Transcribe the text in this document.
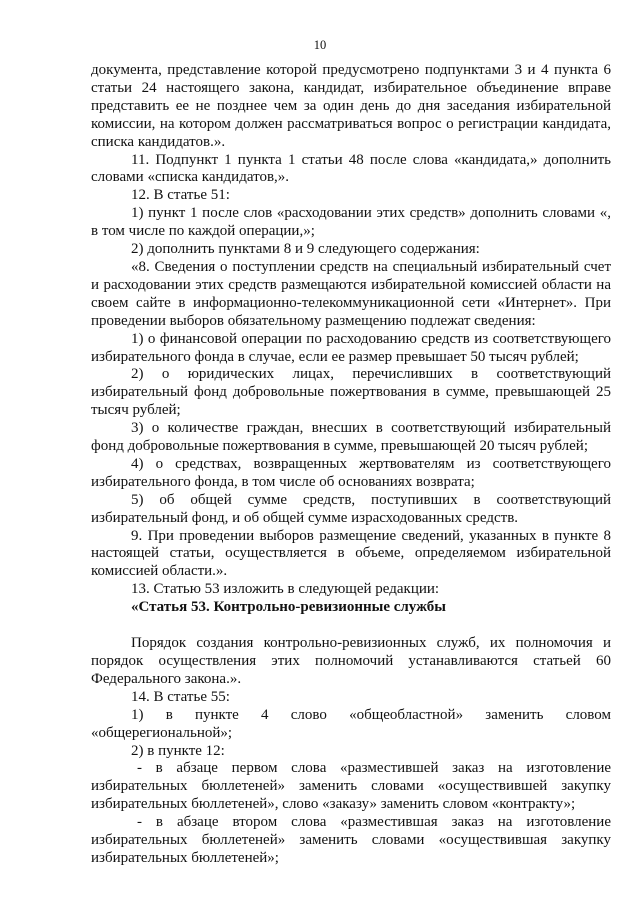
10

документа, представление которой предусмотрено подпунктами 3 и 4 пункта 6 статьи 24 настоящего закона, кандидат, избирательное объединение вправе представить ее не позднее чем за один день до дня заседания избирательной комиссии, на котором должен рассматриваться вопрос о регистрации кандидата, списка кандидатов.».

11. Подпункт 1 пункта 1 статьи 48 после слова «кандидата,» дополнить словами «списка кандидатов,».

12. В статье 51:

1) пункт 1 после слов «расходовании этих средств» дополнить словами «, в том числе по каждой операции,»;

2) дополнить пунктами 8 и 9 следующего содержания:

«8. Сведения о поступлении средств на специальный избирательный счет и расходовании этих средств размещаются избирательной комиссией области на своем сайте в информационно-телекоммуникационной сети «Интернет». При проведении выборов обязательному размещению подлежат сведения:

1) о финансовой операции по расходованию средств из соответствующего избирательного фонда в случае, если ее размер превышает 50 тысяч рублей;

2) о юридических лицах, перечисливших в соответствующий избирательный фонд добровольные пожертвования в сумме, превышающей 25 тысяч рублей;

3) о количестве граждан, внесших в соответствующий избирательный фонд добровольные пожертвования в сумме, превышающей 20 тысяч рублей;

4) о средствах, возвращенных жертвователям из соответствующего избирательного фонда, в том числе об основаниях возврата;

5) об общей сумме средств, поступивших в соответствующий избирательный фонд, и об общей сумме израсходованных средств.

9. При проведении выборов размещение сведений, указанных в пункте 8 настоящей статьи, осуществляется в объеме, определяемом избирательной комиссией области.».

13. Статью 53 изложить в следующей редакции:

«Статья 53. Контрольно-ревизионные службы

Порядок создания контрольно-ревизионных служб, их полномочия и порядок осуществления этих полномочий устанавливаются статьей 60 Федерального закона.».

14. В статье 55:

1) в пункте 4 слово «общеобластной» заменить словом «общерегиональной»;

2) в пункте 12:

- в абзаце первом слова «разместившей заказ на изготовление избирательных бюллетеней» заменить словами «осуществившей закупку избирательных бюллетеней», слово «заказу» заменить словом «контракту»;

- в абзаце втором слова «разместившая заказ на изготовление избирательных бюллетеней» заменить словами «осуществившая закупку избирательных бюллетеней»;
